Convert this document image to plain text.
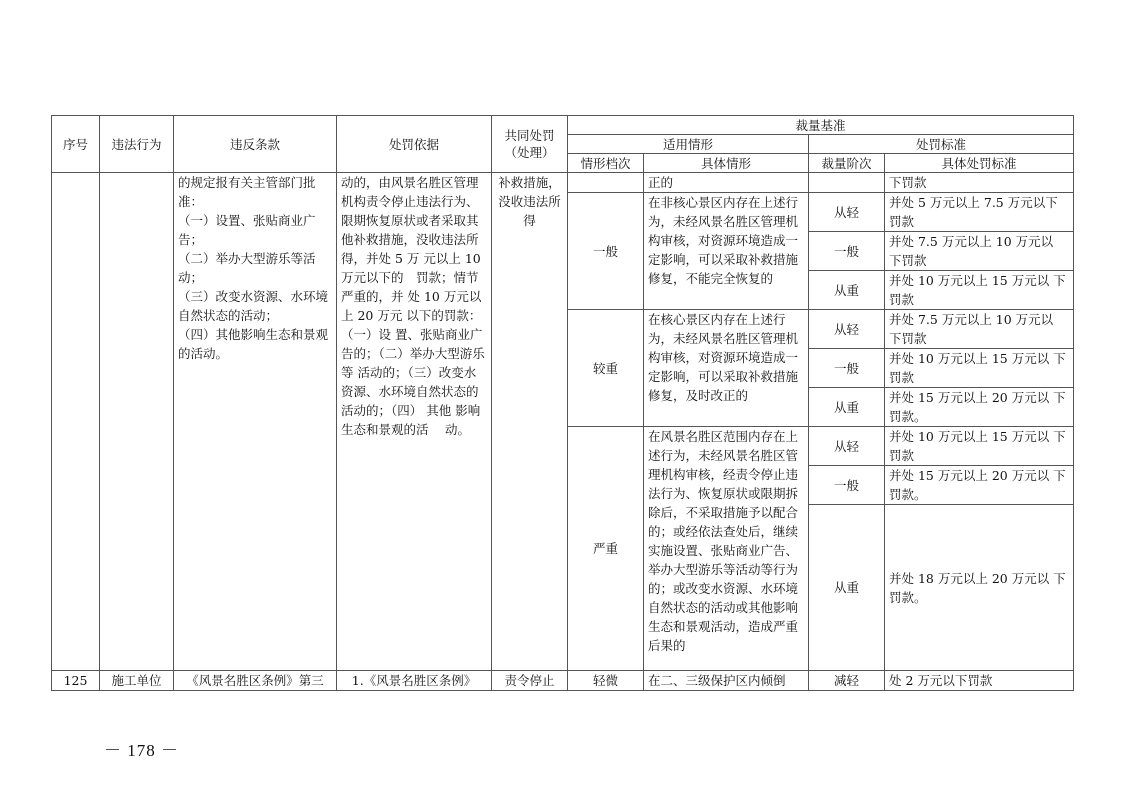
序号	违法行为	违反条款	处罚依据	共同处罚
（处理）	裁量基准			
					适用情形		处罚标准	
					情形档次	具体情形	裁量阶次	具体处罚标准
		的规定报有关主管部门批准：
（一）设置、张贴商业广 告；
（二）举办大型游乐等活动；
（三）改变水资源、水环境自然状态的活动；
（四）其他影响生态和景观的活动。	动的，由风景名胜区管理机构责令停止违法行为、限期恢复原状或者采取其他补救措施，没收违法所得，并处 5 万 元以上 10 万元以下的　罚款；情节严重的，并 处 10 万元以上 20 万元 以下的罚款：（一）设 置、张贴商业广告的；（二）举办大型游乐等 活动的；（三）改变水 资源、水环境自然状态的活动的；（四） 其他 影响生态和景观的活　 动。	补救措施，没收违法所得		正的		下罚款
					一般	在非核心景区内存在上述行为，未经风景名胜区管理机构审核，对资源环境造成一定影响，可以采取补救措施修复，不能完全恢复的	从轻	并处 5 万元以上 7.5 万元以下 罚款
							一般	并处 7.5 万元以上 10 万元以 下罚款
							从重	并处 10 万元以上 15 万元以 下罚款
					较重	在核心景区内存在上述行为，未经风景名胜区管理机构审核，对资源环境造成一定影响，可以采取补救措施修复，及时改正的	从轻	并处 7.5 万元以上 10 万元以 下罚款
							一般	并处 10 万元以上 15 万元以 下罚款
							从重	并处 15 万元以上 20 万元以 下罚款。
					严重	在风景名胜区范围内存在上述行为，未经风景名胜区管理机构审核，经责令停止违法行为、恢复原状或限期拆除后，不采取措施予以配合的；或经依法查处后，继续实施设置、张贴商业广告、举办大型游乐等活动等行为的；或改变水资源、水环境自然状态的活动或其他影响生态和景观活动，造成严重后果的	从轻	并处 10 万元以上 15 万元以 下罚款
							一般	并处 15 万元以上 20 万元以 下罚款。
							从重	并处 18 万元以上 20 万元以 下罚款。
125	施工单位	《风景名胜区条例》第三	1.《风景名胜区条例》	责令停止	轻微	在二、三级保护区内倾倒	减轻	处 2 万元以下罚款
－ 178 －
